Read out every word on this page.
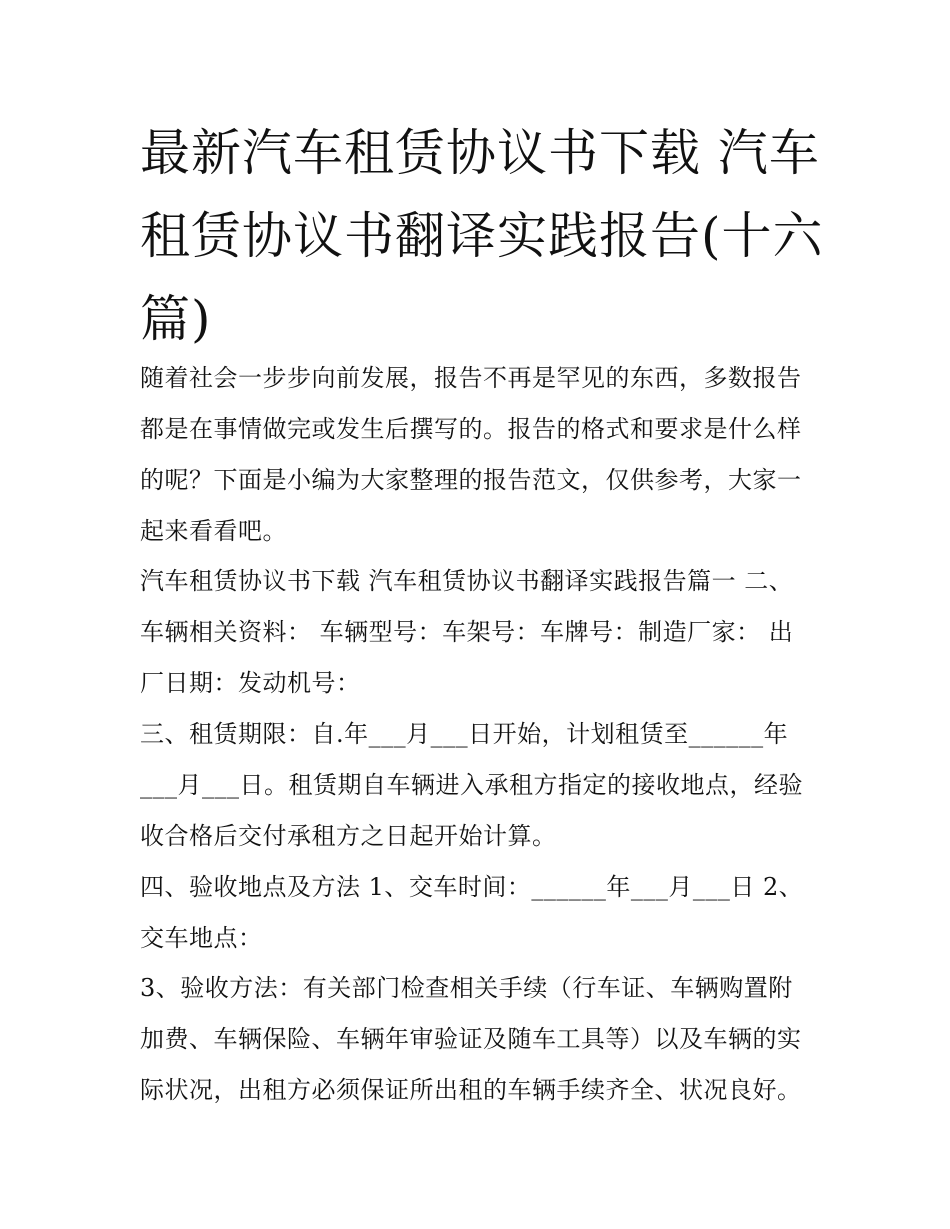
最新汽车租赁协议书下载 汽车
租赁协议书翻译实践报告(十六
篇)
随着社会一步步向前发展，报告不再是罕见的东西，多数报告
都是在事情做完或发生后撰写的。报告的格式和要求是什么样
的呢？下面是小编为大家整理的报告范文，仅供参考，大家一
起来看看吧。
汽车租赁协议书下载 汽车租赁协议书翻译实践报告篇一 二、
车辆相关资料： 车辆型号：车架号：车牌号：制造厂家： 出
厂日期：发动机号：
三、租赁期限：自.年___月___日开始，计划租赁至______年
___月___日。租赁期自车辆进入承租方指定的接收地点，经验
收合格后交付承租方之日起开始计算。
四、验收地点及方法 1、交车时间：______年___月___日 2、
交车地点：
3、验收方法：有关部门检查相关手续（行车证、车辆购置附
加费、车辆保险、车辆年审验证及随车工具等）以及车辆的实
际状况，出租方必须保证所出租的车辆手续齐全、状况良好。
